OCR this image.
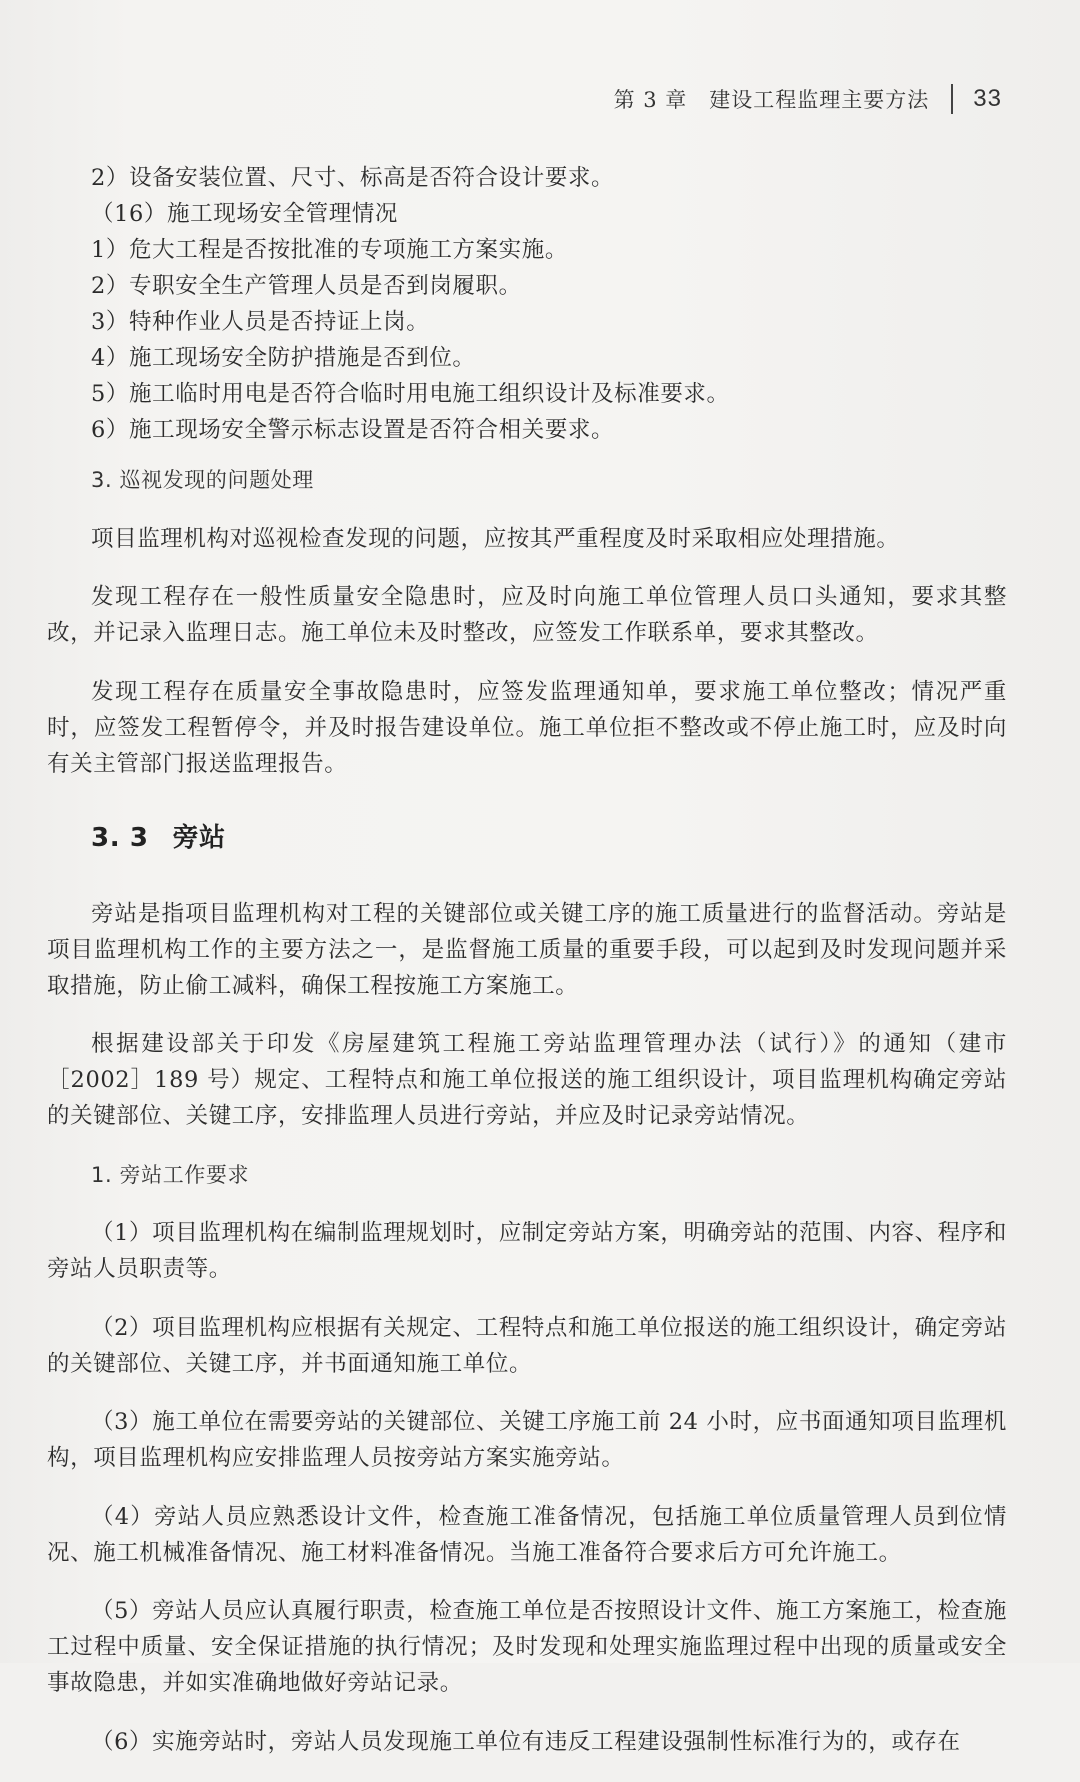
第 3 章 建设工程监理主要方法 33

2）设备安装位置、尺寸、标高是否符合设计要求。

（16）施工现场安全管理情况

1）危大工程是否按批准的专项施工方案实施。

2）专职安全生产管理人员是否到岗履职。

3）特种作业人员是否持证上岗。

4）施工现场安全防护措施是否到位。

5）施工临时用电是否符合临时用电施工组织设计及标准要求。

6）施工现场安全警示标志设置是否符合相关要求。

3. 巡视发现的问题处理

项目监理机构对巡视检查发现的问题，应按其严重程度及时采取相应处理措施。

发现工程存在一般性质量安全隐患时，应及时向施工单位管理人员口头通知，要求其整改，并记录入监理日志。施工单位未及时整改，应签发工作联系单，要求其整改。

发现工程存在质量安全事故隐患时，应签发监理通知单，要求施工单位整改；情况严重时，应签发工程暂停令，并及时报告建设单位。施工单位拒不整改或不停止施工时，应及时向有关主管部门报送监理报告。

3. 3 旁站

旁站是指项目监理机构对工程的关键部位或关键工序的施工质量进行的监督活动。旁站是项目监理机构工作的主要方法之一，是监督施工质量的重要手段，可以起到及时发现问题并采取措施，防止偷工减料，确保工程按施工方案施工。

根据建设部关于印发《房屋建筑工程施工旁站监理管理办法（试行）》的通知（建市［2002］189 号）规定、工程特点和施工单位报送的施工组织设计，项目监理机构确定旁站的关键部位、关键工序，安排监理人员进行旁站，并应及时记录旁站情况。

1. 旁站工作要求

（1）项目监理机构在编制监理规划时，应制定旁站方案，明确旁站的范围、内容、程序和旁站人员职责等。

（2）项目监理机构应根据有关规定、工程特点和施工单位报送的施工组织设计，确定旁站的关键部位、关键工序，并书面通知施工单位。

（3）施工单位在需要旁站的关键部位、关键工序施工前 24 小时，应书面通知项目监理机构，项目监理机构应安排监理人员按旁站方案实施旁站。

（4）旁站人员应熟悉设计文件，检查施工准备情况，包括施工单位质量管理人员到位情况、施工机械准备情况、施工材料准备情况。当施工准备符合要求后方可允许施工。

（5）旁站人员应认真履行职责，检查施工单位是否按照设计文件、施工方案施工，检查施工过程中质量、安全保证措施的执行情况；及时发现和处理实施监理过程中出现的质量或安全事故隐患，并如实准确地做好旁站记录。

（6）实施旁站时，旁站人员发现施工单位有违反工程建设强制性标准行为的，或存在
